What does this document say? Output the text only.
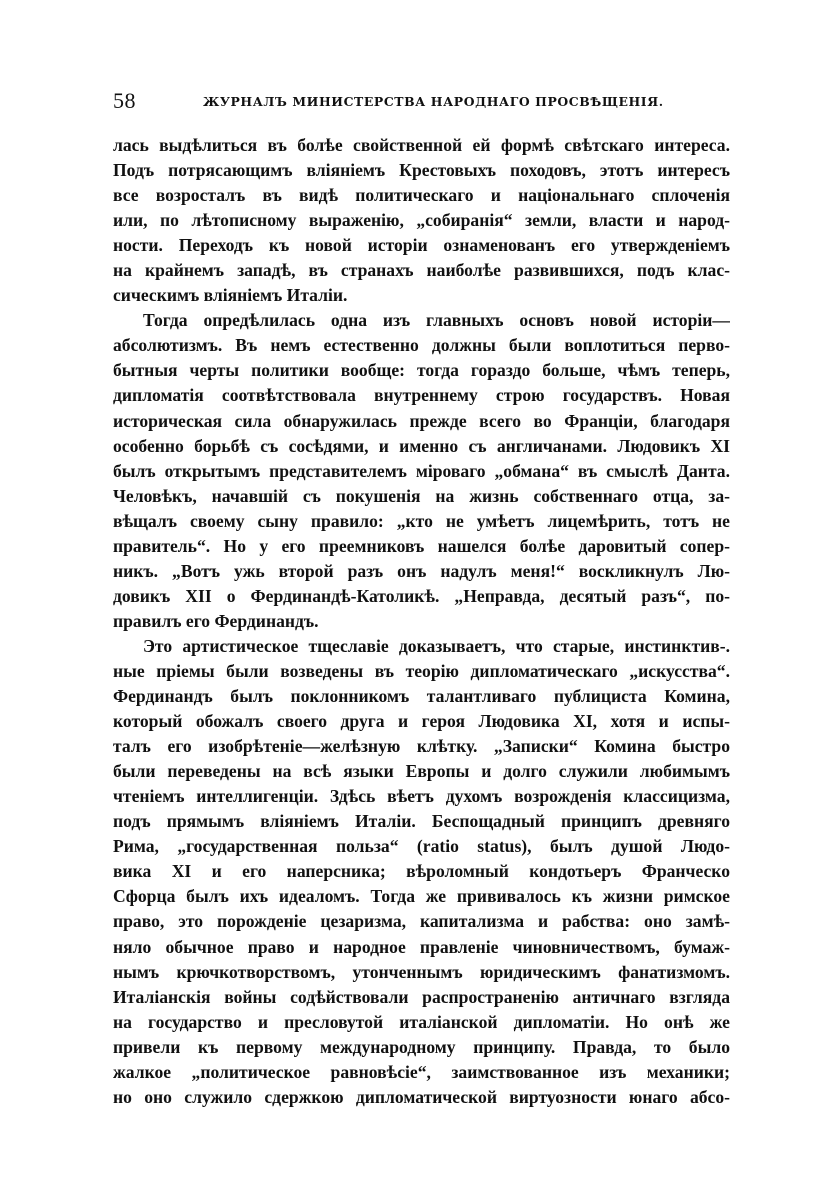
58	ЖУРНАЛЪ МИНИСТЕРСТВА НАРОДНАГО ПРОСВѢЩЕНІЯ.
лась выдѣлиться въ болѣе свойственной ей формѣ свѣтскаго интереса.
Подъ потрясающимъ вліяніемъ Крестовыхъ походовъ, этотъ интересъ
все возросталъ въ видѣ политическаго и національнаго сплоченія
или, по лѣтописному выраженію, „собиранія“ земли, власти и народ-
ности. Переходъ къ новой исторіи ознаменованъ его утвержденіемъ
на крайнемъ западѣ, въ странахъ наиболѣе развившихся, подъ клас-
сическимъ вліяніемъ Италіи.
Тогда опредѣлилась одна изъ главныхъ основъ новой исторіи—
абсолютизмъ. Въ немъ естественно должны были воплотиться перво-
бытныя черты политики вообще: тогда гораздо больше, чѣмъ теперь,
дипломатія соотвѣтствовала внутреннему строю государствъ. Новая
историческая сила обнаружилась прежде всего во Франціи, благодаря
особенно борьбѣ съ сосѣдями, и именно съ англичанами. Людовикъ XI
былъ открытымъ представителемъ міроваго „обмана“ въ смыслѣ Данта.
Человѣкъ, начавшій съ покушенія на жизнь собственнаго отца, за-
вѣщалъ своему сыну правило: „кто не умѣетъ лицемѣрить, тотъ не
правитель“. Но у его преемниковъ нашелся болѣе даровитый сопер-
никъ. „Вотъ ужь второй разъ онъ надулъ меня!“ воскликнулъ Лю-
довикъ XII о Фердинандѣ-Католикѣ. „Неправда, десятый разъ“, по-
правилъ его Фердинандъ.
Это артистическое тщеславіе доказываетъ, что старые, инстинктив-.
ные пріемы были возведены въ теорію дипломатическаго „искусства“.
Фердинандъ былъ поклонникомъ талантливаго публициста Комина,
который обожалъ своего друга и героя Людовика XI, хотя и испы-
талъ его изобрѣтеніе—желѣзную клѣтку. „Записки“ Комина быстро
были переведены на всѣ языки Европы и долго служили любимымъ
чтеніемъ интеллигенціи. Здѣсь вѣетъ духомъ возрожденія классицизма,
подъ прямымъ вліяніемъ Италіи. Беспощадный принципъ древняго
Рима, „государственная польза“ (ratio status), былъ душой Людо-
вика XI и его наперсника; вѣроломный кондотьеръ Франческо
Сфорца былъ ихъ идеаломъ. Тогда же прививалось къ жизни римское
право, это порожденіе цезаризма, капитализма и рабства: оно замѣ-
няло обычное право и народное правленіе чиновничествомъ, бумаж-
нымъ крючкотворствомъ, утонченнымъ юридическимъ фанатизмомъ.
Италіанскія войны содѣйствовали распространенію античнаго взгляда
на государство и пресловутой италіанской дипломатіи. Но онѣ же
привели къ первому международному принципу. Правда, то было
жалкое „политическое равновѣсіе“, заимствованное изъ механики;
но оно служило сдержкою дипломатической виртуозности юнаго абсо-
